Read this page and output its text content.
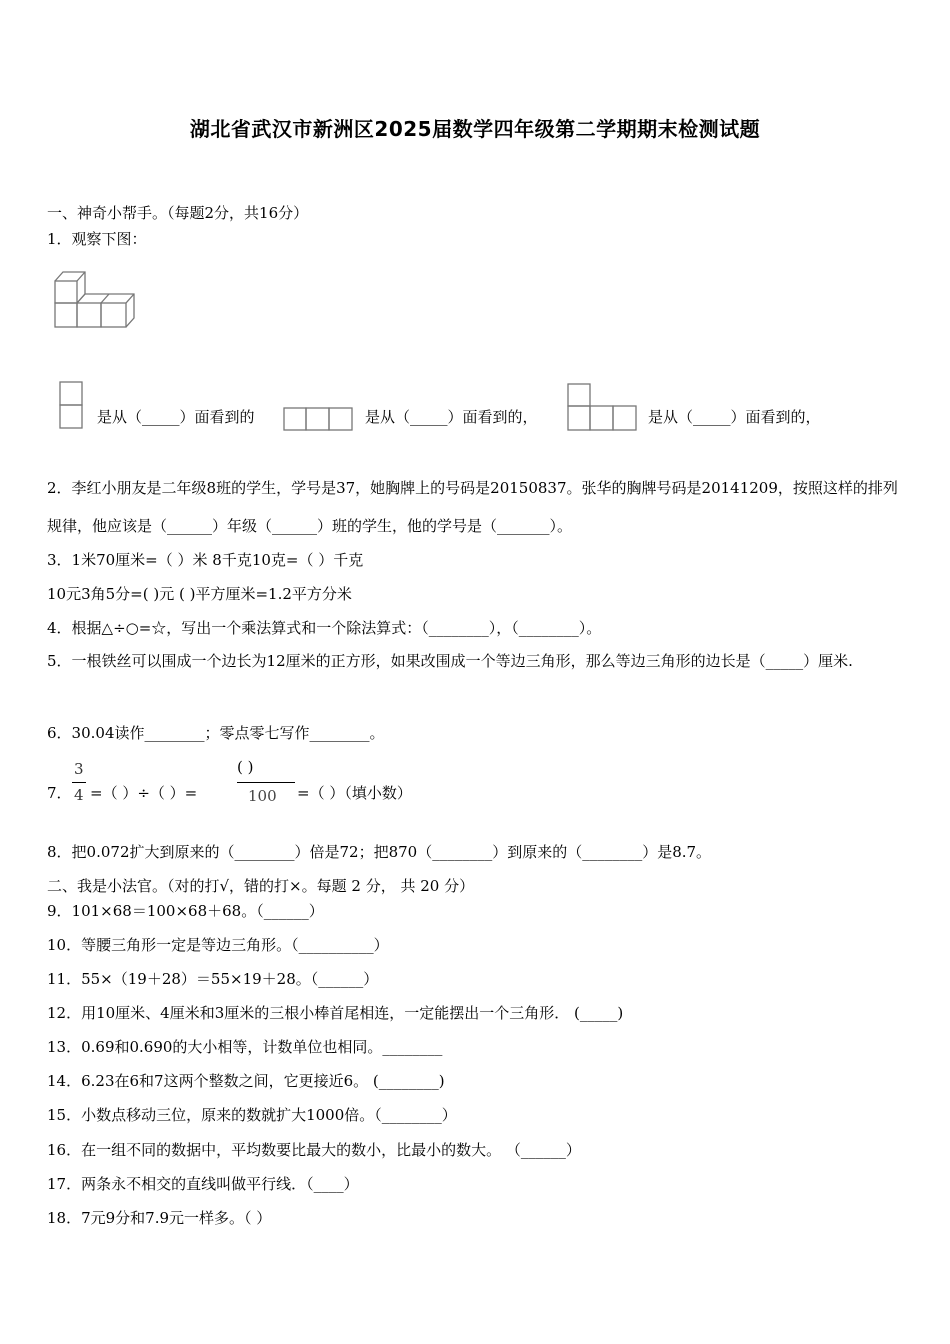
湖北省武汉市新洲区2025届数学四年级第二学期期末检测试题
一、神奇小帮手。（每题2分，共16分）
1．观察下图：
是从（_____）面看到的	是从（_____）面看到的，	是从（_____）面看到的，
2．李红小朋友是二年级8班的学生，学号是37，她胸牌上的号码是20150837。张华的胸牌号码是20141209，按照这样的排列规律，他应该是（______）年级（______）班的学生，他的学号是（_______）。
3．1米70厘米=（ ）米 8千克10克=（ ）千克
10元3角5分=( )元 ( )平方厘米=1.2平方分米
4．根据△÷○=☆，写出一个乘法算式和一个除法算式：（________），（________）。
5．一根铁丝可以围成一个边长为12厘米的正方形，如果改围成一个等边三角形，那么等边三角形的边长是（_____）厘米.
6．30.04读作________；零点零七写作________。
7．
3
4 =（ ）÷（ ）=
( )
100 =（ ）（填小数）
8．把0.072扩大到原来的（________）倍是72；把870（________）到原来的（________）是8.7。
二、我是小法官。（对的打√，错的打×。每题 2 分， 共 20 分）
9．101×68＝100×68＋68。（______）
10．等腰三角形一定是等边三角形。（__________）
11．55×（19＋28）＝55×19＋28。（______）
12．用10厘米、4厘米和3厘米的三根小棒首尾相连，一定能摆出一个三角形． (_____)
13．0.69和0.690的大小相等，计数单位也相同。________
14．6.23在6和7这两个整数之间，它更接近6。 (________)
15．小数点移动三位，原来的数就扩大1000倍。（________）
16．在一组不同的数据中，平均数要比最大的数小，比最小的数大。 （______）
17．两条永不相交的直线叫做平行线．（____）
18．7元9分和7.9元一样多。（ ）
